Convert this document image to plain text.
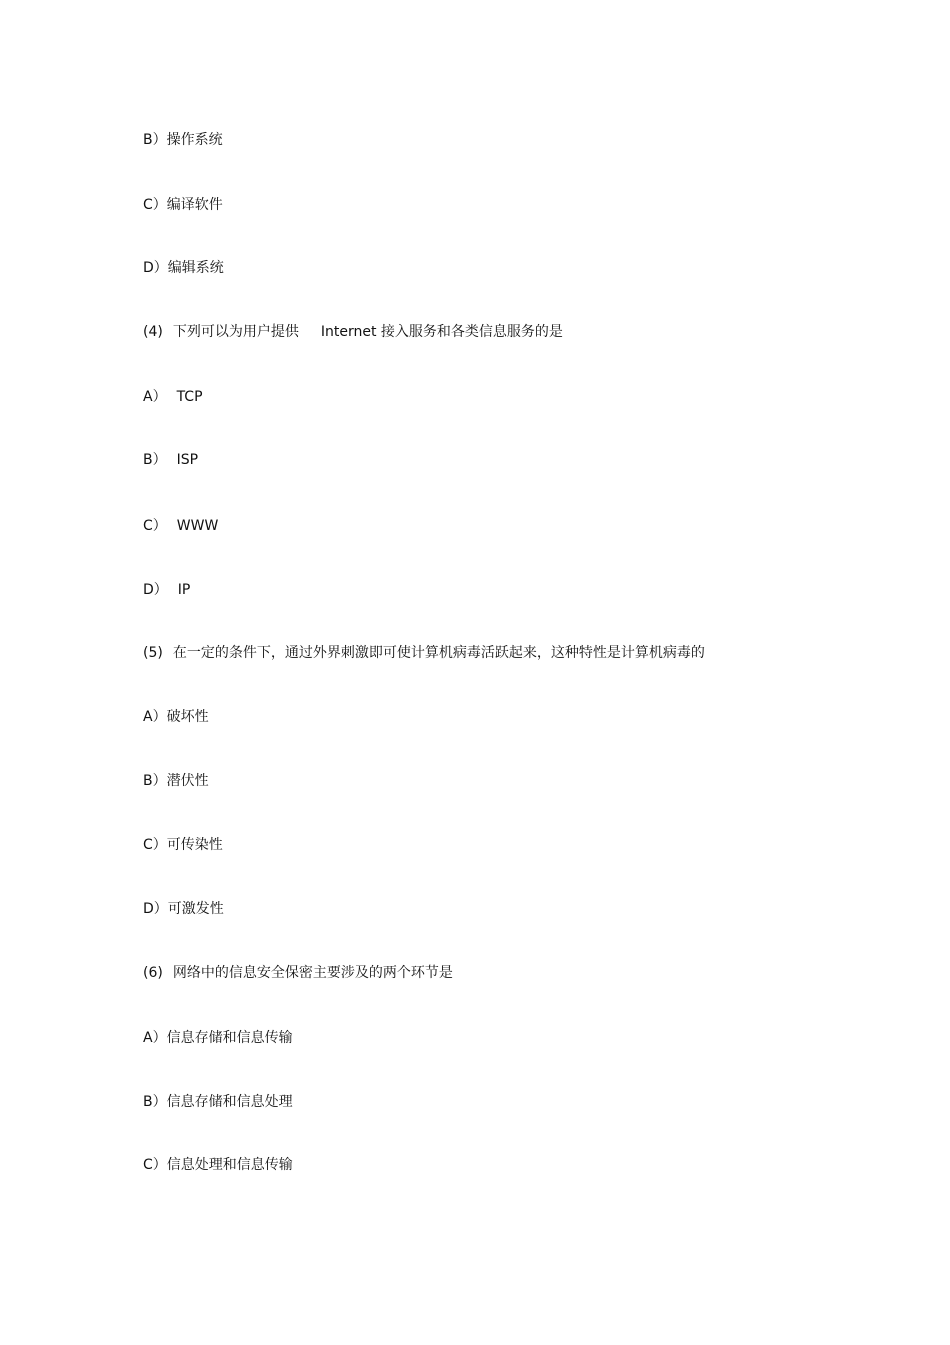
B）操作系统
C）编译软件
D）编辑系统
(4) 下列可以为用户提供 Internet 接入服务和各类信息服务的是
A） TCP
B） ISP
C） WWW
D） IP
(5) 在一定的条件下，通过外界刺激即可使计算机病毒活跃起来，这种特性是计算机病毒的
A）破坏性
B）潜伏性
C）可传染性
D）可激发性
(6) 网络中的信息安全保密主要涉及的两个环节是
A）信息存储和信息传输
B）信息存储和信息处理
C）信息处理和信息传输
